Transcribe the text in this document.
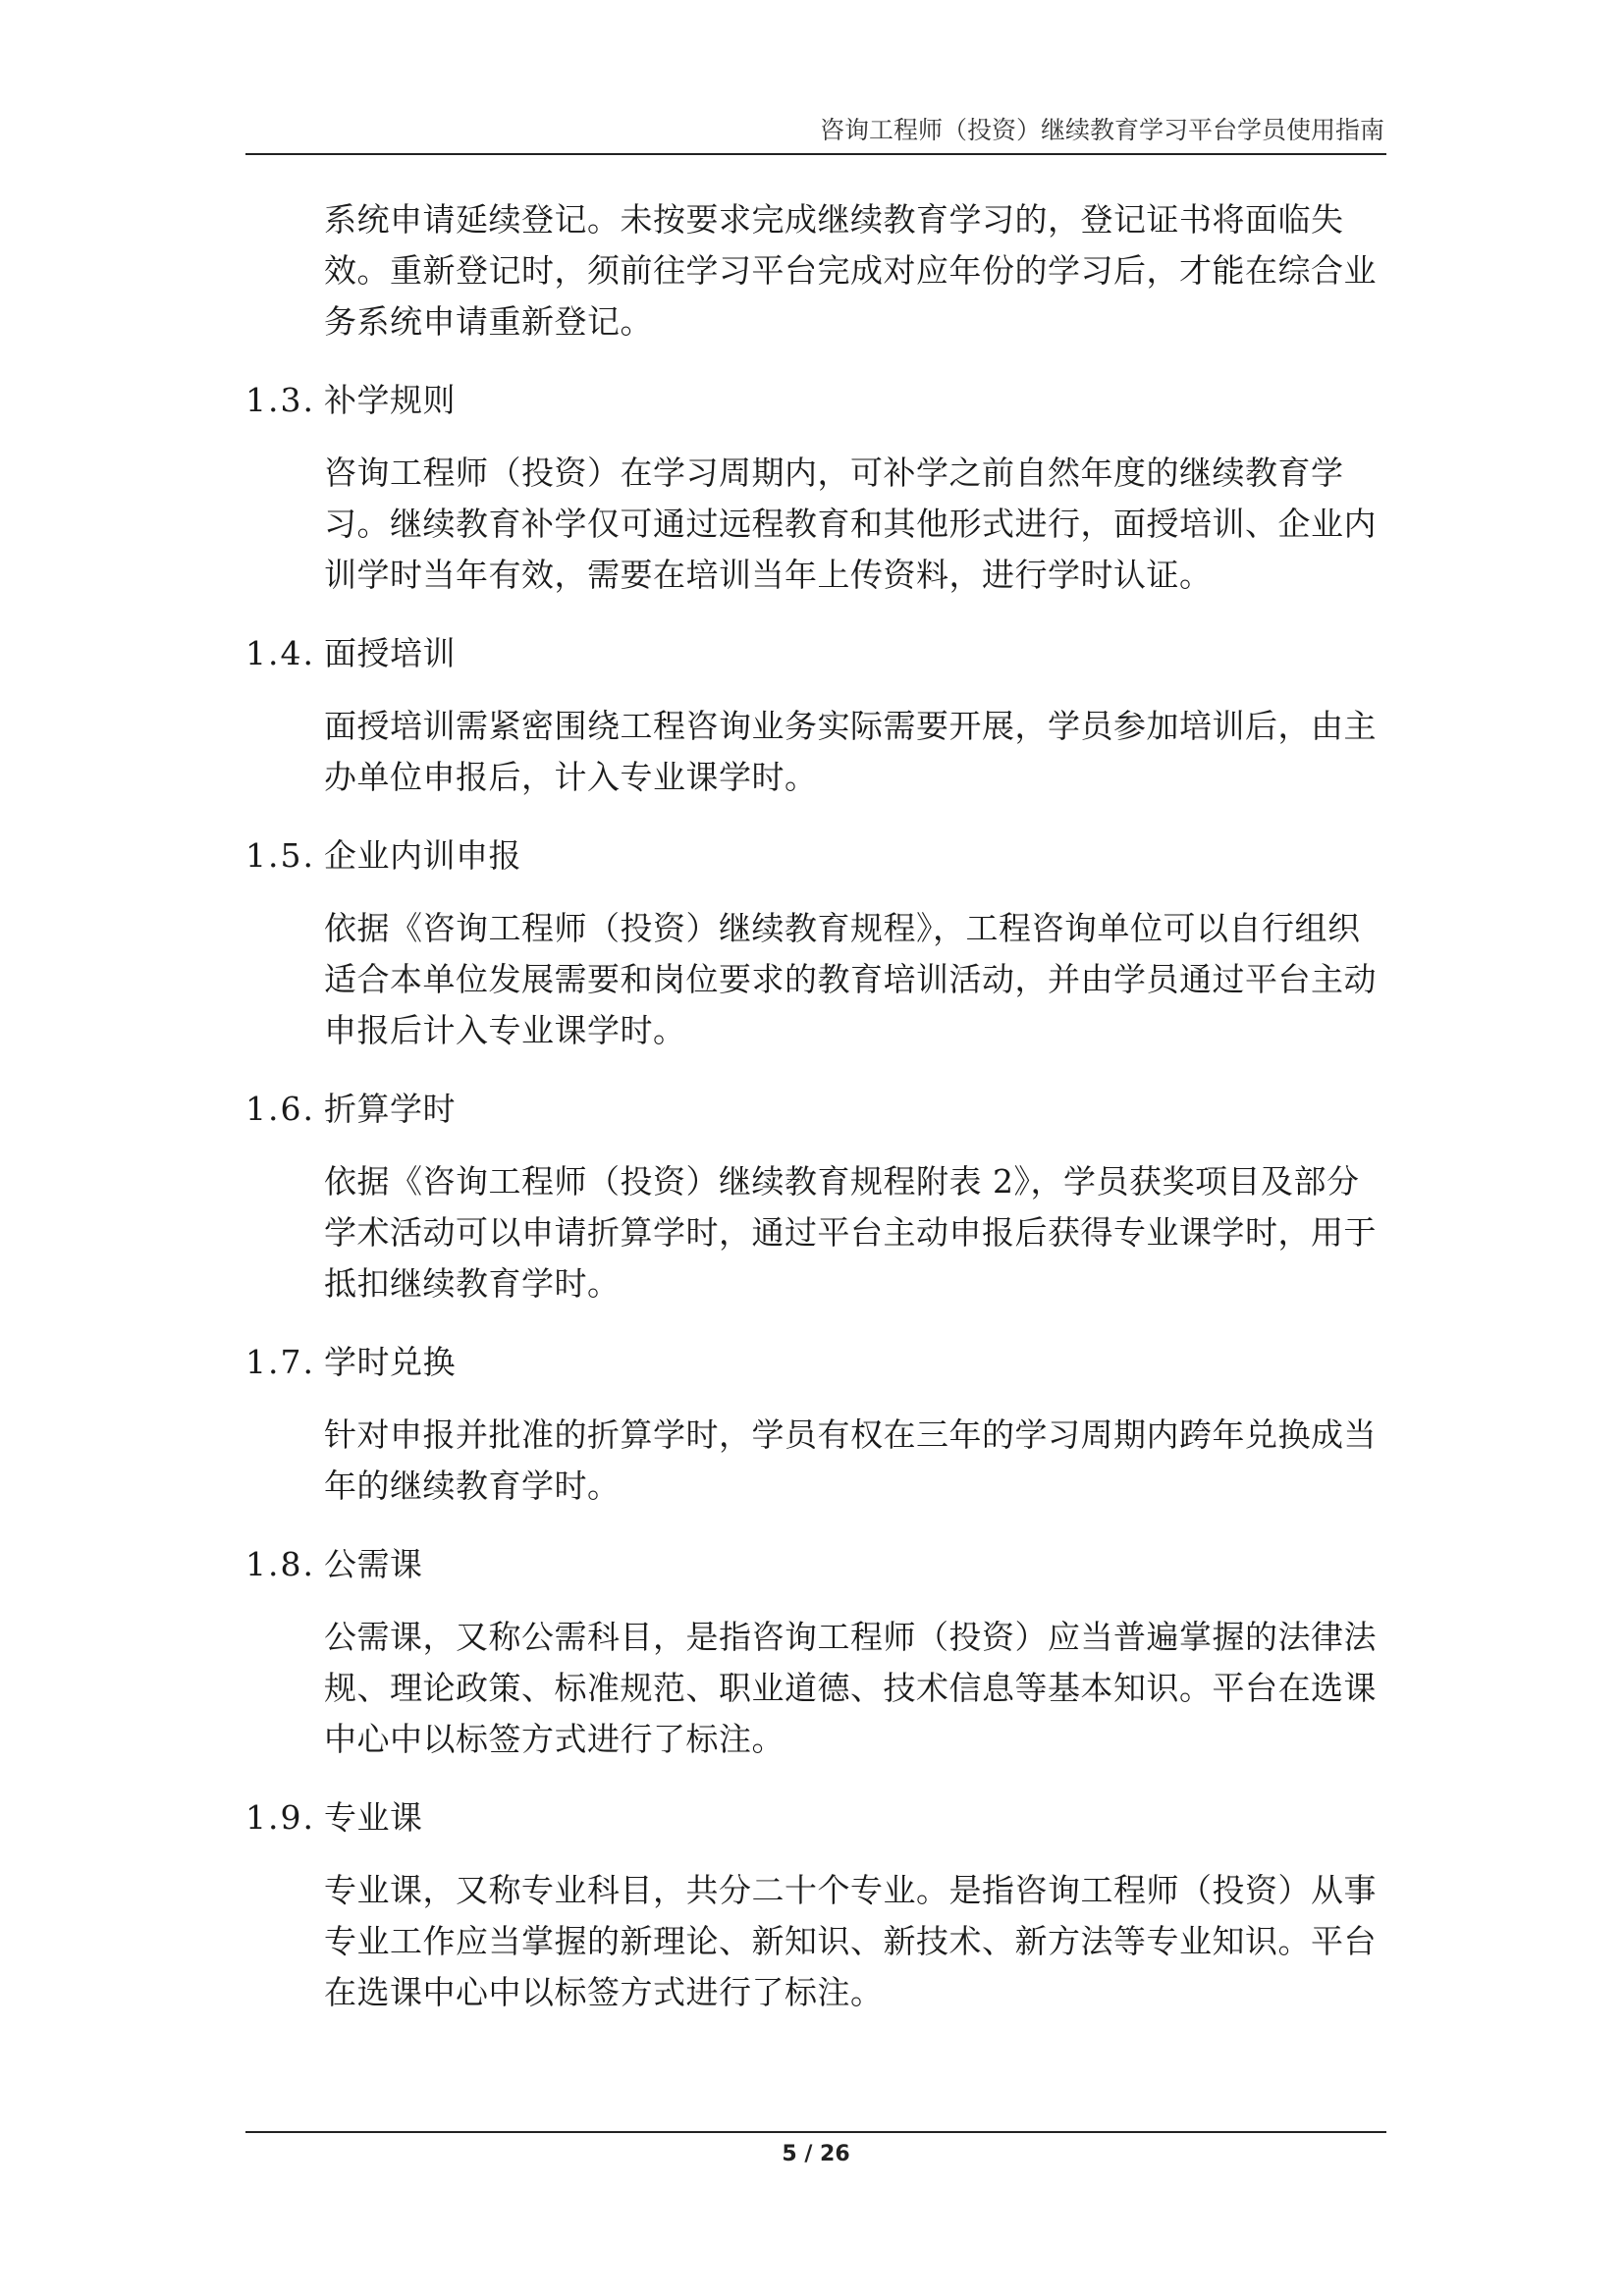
咨询工程师（投资）继续教育学习平台学员使用指南

系统申请延续登记。未按要求完成继续教育学习的，登记证书将面临失效。重新登记时，须前往学习平台完成对应年份的学习后，才能在综合业务系统申请重新登记。

1.3. 补学规则

咨询工程师（投资）在学习周期内，可补学之前自然年度的继续教育学习。继续教育补学仅可通过远程教育和其他形式进行，面授培训、企业内训学时当年有效，需要在培训当年上传资料，进行学时认证。

1.4. 面授培训

面授培训需紧密围绕工程咨询业务实际需要开展，学员参加培训后，由主办单位申报后，计入专业课学时。

1.5. 企业内训申报

依据《咨询工程师（投资）继续教育规程》，工程咨询单位可以自行组织适合本单位发展需要和岗位要求的教育培训活动，并由学员通过平台主动申报后计入专业课学时。

1.6. 折算学时

依据《咨询工程师（投资）继续教育规程附表 2》，学员获奖项目及部分学术活动可以申请折算学时，通过平台主动申报后获得专业课学时，用于抵扣继续教育学时。

1.7. 学时兑换

针对申报并批准的折算学时，学员有权在三年的学习周期内跨年兑换成当年的继续教育学时。

1.8. 公需课

公需课，又称公需科目，是指咨询工程师（投资）应当普遍掌握的法律法规、理论政策、标准规范、职业道德、技术信息等基本知识。平台在选课中心中以标签方式进行了标注。

1.9. 专业课

专业课，又称专业科目，共分二十个专业。是指咨询工程师（投资）从事专业工作应当掌握的新理论、新知识、新技术、新方法等专业知识。平台在选课中心中以标签方式进行了标注。

5 / 26
